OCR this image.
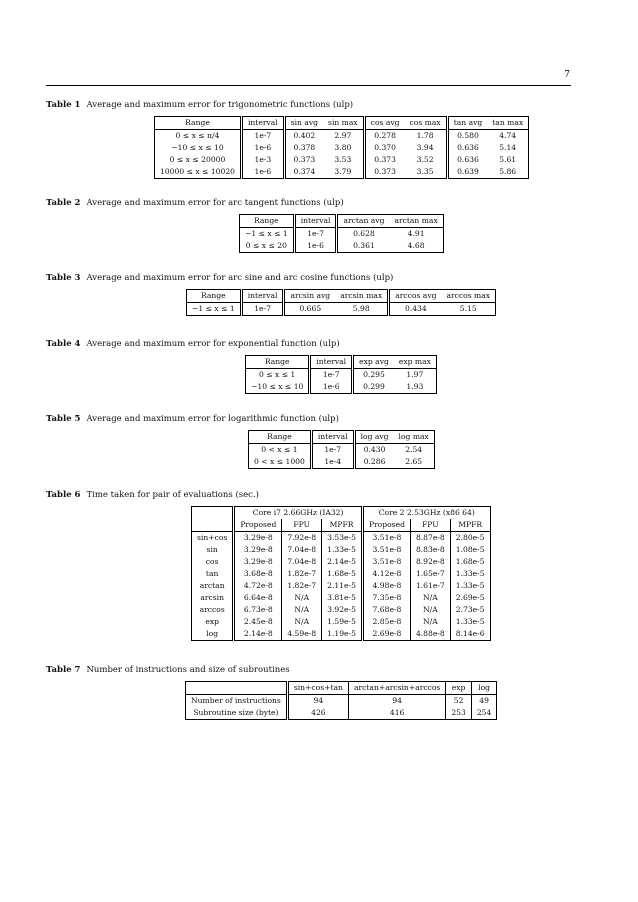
7
Table 1 Average and maximum error for trigonometric functions (ulp)
Range	interval	sin avg	sin max	cos avg	cos max	tan avg	tan max
0 ≤ x ≤ π/4	1e-7	0.402	2.97	0.278	1.78	0.580	4.74
−10 ≤ x ≤ 10	1e-6	0.378	3.80	0.370	3.94	0.636	5.14
0 ≤ x ≤ 20000	1e-3	0.373	3.53	0.373	3.52	0.636	5.61
10000 ≤ x ≤ 10020	1e-6	0.374	3.79	0.373	3.35	0.639	5.86
Table 2 Average and maximum error for arc tangent functions (ulp)
Range	interval	arctan avg	arctan max
−1 ≤ x ≤ 1	1e-7	0.628	4.91
0 ≤ x ≤ 20	1e-6	0.361	4.68
Table 3 Average and maximum error for arc sine and arc cosine functions (ulp)
Range	interval	arcsin avg	arcsin max	arccos avg	arccos max
−1 ≤ x ≤ 1	1e-7	0.665	5.98	0.434	5.15
Table 4 Average and maximum error for exponential function (ulp)
Range	interval	exp avg	exp max
0 ≤ x ≤ 1	1e-7	0.295	1.97
−10 ≤ x ≤ 10	1e-6	0.299	1.93
Table 5 Average and maximum error for logarithmic function (ulp)
Range	interval	log avg	log max
0 < x ≤ 1	1e-7	0.430	2.54
0 < x ≤ 1000	1e-4	0.286	2.65
Table 6 Time taken for pair of evaluations (sec.)
	Core i7 2.66GHz (IA32)			Core 2 2.53GHz (x86 64)		
	Proposed	FPU	MPFR	Proposed	FPU	MPFR
sin+cos	3.29e-8	7.92e-8	3.53e-5	3.51e-8	8.87e-8	2.80e-5
sin	3.29e-8	7.04e-8	1.33e-5	3.51e-8	8.83e-8	1.08e-5
cos	3.29e-8	7.04e-8	2.14e-5	3.51e-8	8.92e-8	1.68e-5
tan	3.68e-8	1.82e-7	1.68e-5	4.12e-8	1.65e-7	1.33e-5
arctan	4.72e-8	1.82e-7	2.11e-5	4.98e-8	1.61e-7	1.33e-5
arcsin	6.64e-8	N/A	3.81e-5	7.35e-8	N/A	2.69e-5
arccos	6.73e-8	N/A	3.92e-5	7.68e-8	N/A	2.73e-5
exp	2.45e-8	N/A	1.59e-5	2.85e-8	N/A	1.33e-5
log	2.14e-8	4.59e-8	1.19e-5	2.69e-8	4.88e-8	8.14e-6
Table 7 Number of instructions and size of subroutines
	sin+cos+tan	arctan+arcsin+arccos	exp	log
Number of instructions	94	94	52	49
Subroutine size (byte)	426	416	253	254
